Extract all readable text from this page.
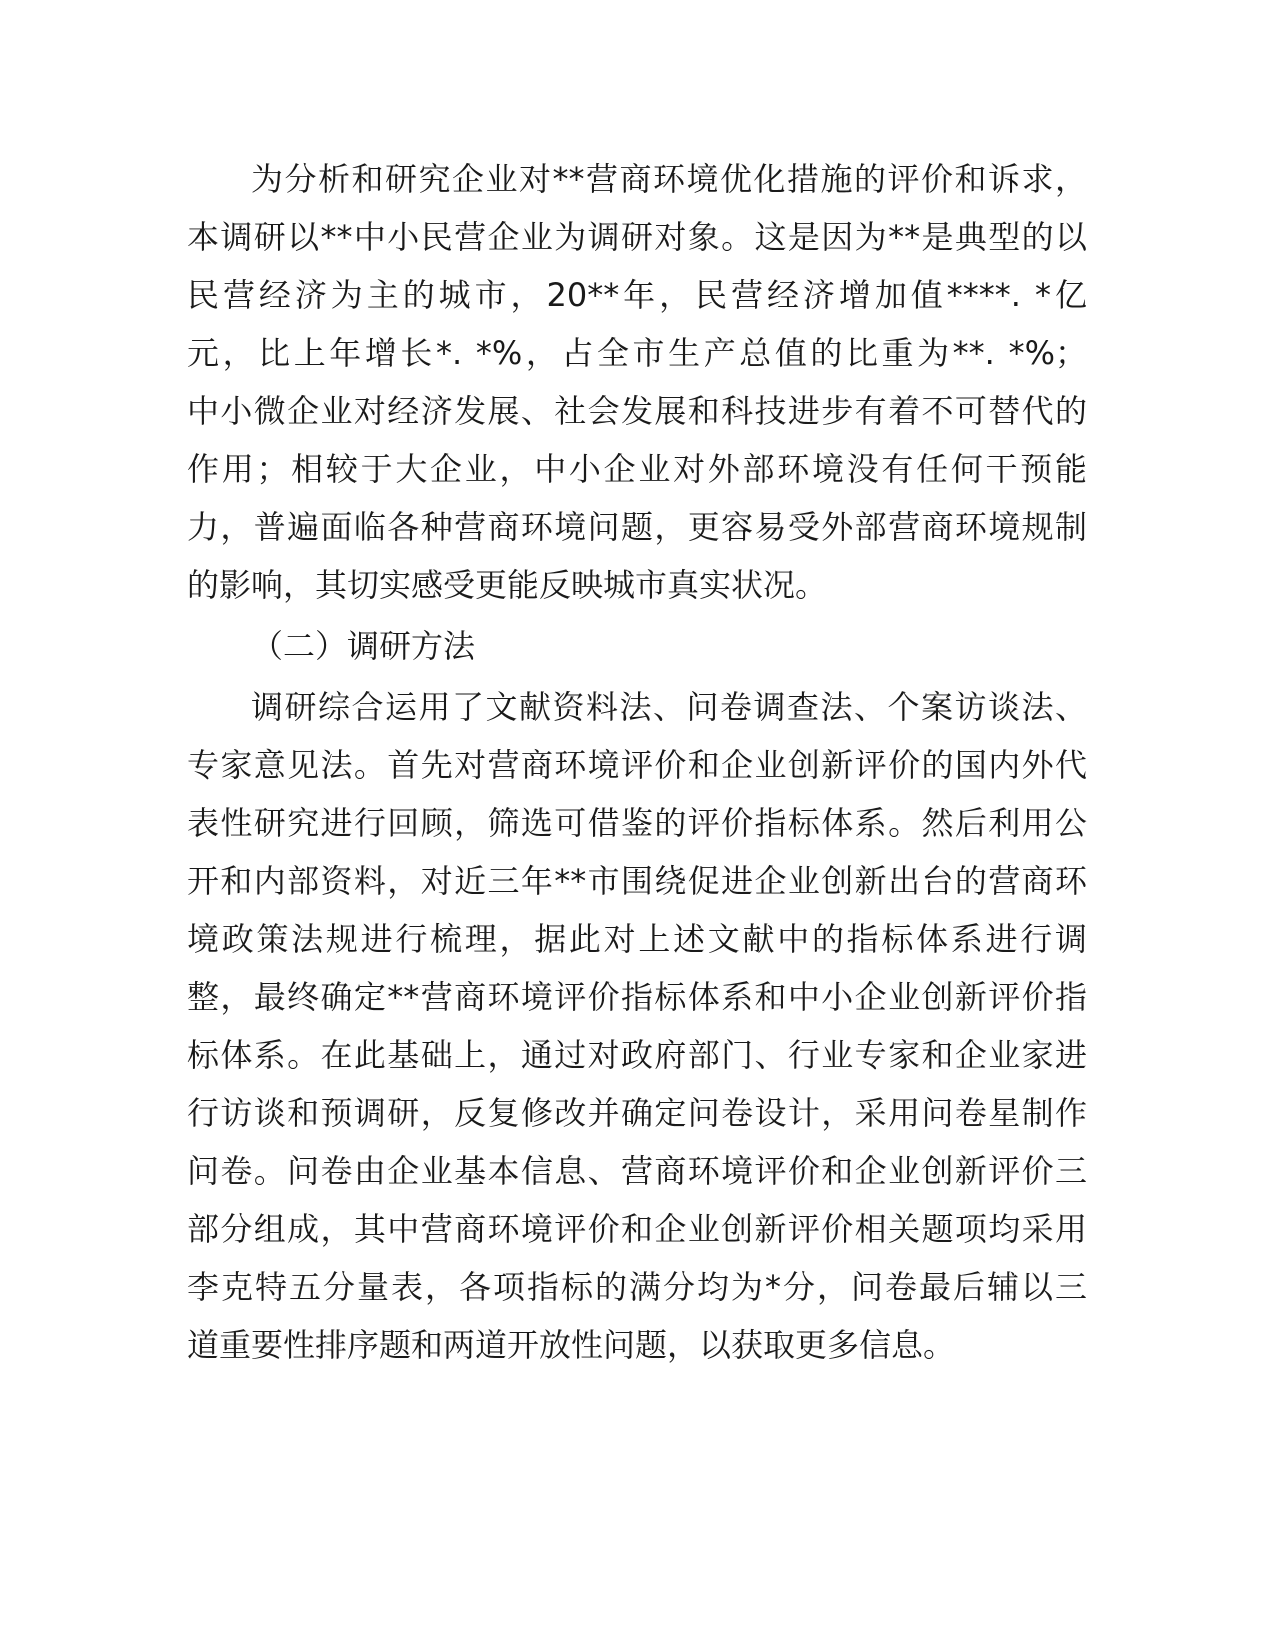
为分析和研究企业对**营商环境优化措施的评价和诉求，
本调研以**中小民营企业为调研对象。这是因为**是典型的以
民营经济为主的城市，20**年，民营经济增加值****. *亿
元，比上年增长*. *%，占全市生产总值的比重为**. *%；
中小微企业对经济发展、社会发展和科技进步有着不可替代的
作用；相较于大企业，中小企业对外部环境没有任何干预能
力，普遍面临各种营商环境问题，更容易受外部营商环境规制
的影响，其切实感受更能反映城市真实状况。
（二）调研方法
调研综合运用了文献资料法、问卷调查法、个案访谈法、
专家意见法。首先对营商环境评价和企业创新评价的国内外代
表性研究进行回顾，筛选可借鉴的评价指标体系。然后利用公
开和内部资料，对近三年**市围绕促进企业创新出台的营商环
境政策法规进行梳理，据此对上述文献中的指标体系进行调
整，最终确定**营商环境评价指标体系和中小企业创新评价指
标体系。在此基础上，通过对政府部门、行业专家和企业家进
行访谈和预调研，反复修改并确定问卷设计，采用问卷星制作
问卷。问卷由企业基本信息、营商环境评价和企业创新评价三
部分组成，其中营商环境评价和企业创新评价相关题项均采用
李克特五分量表，各项指标的满分均为*分，问卷最后辅以三
道重要性排序题和两道开放性问题，以获取更多信息。
